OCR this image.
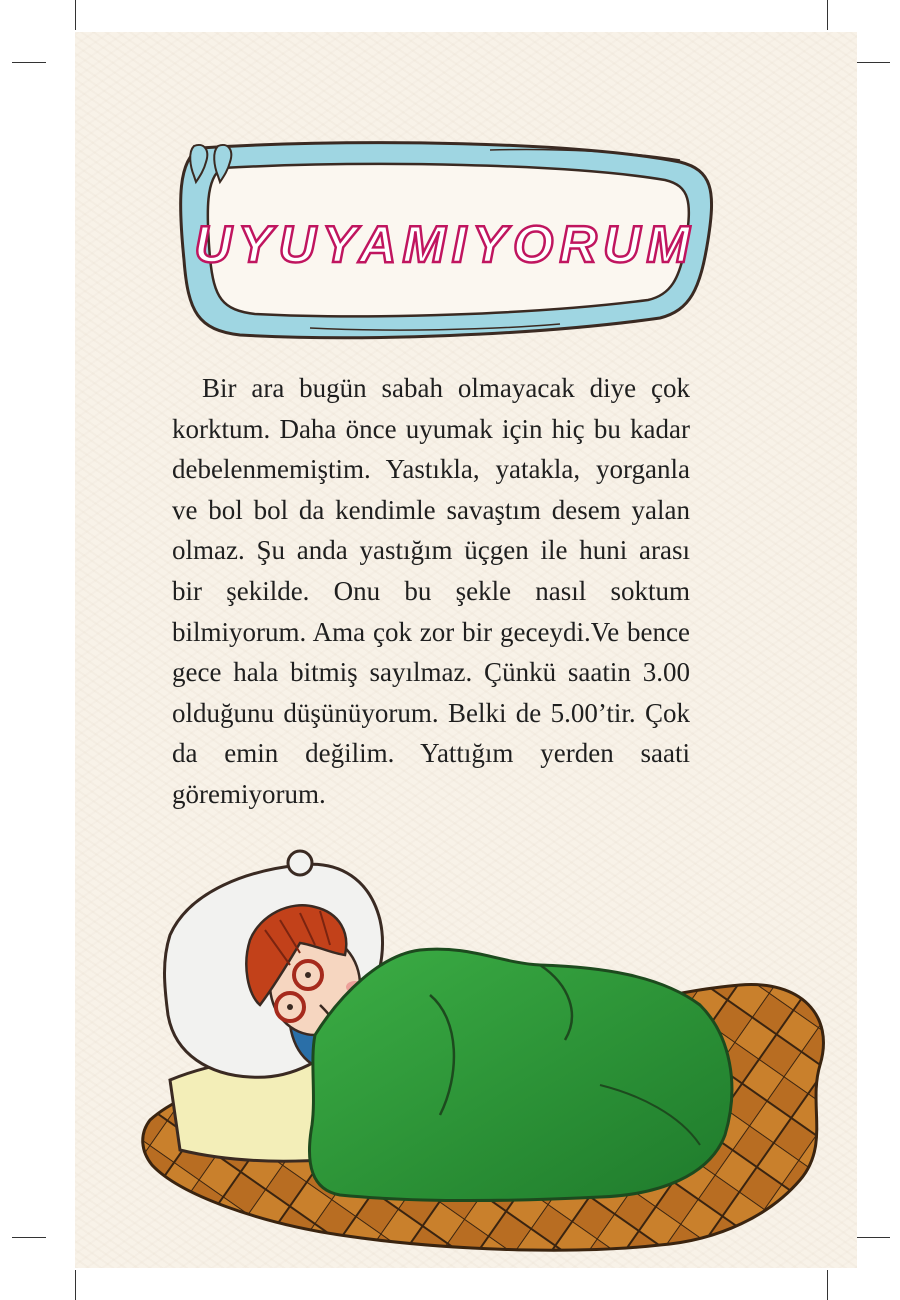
UYUYAMIYORUM

Bir ara bugün sabah olmayacak diye çok korktum. Daha önce uyumak için hiç bu kadar debelenmemiştim. Yastıkla, yatakla, yorganla ve bol bol da kendimle savaştım desem yalan olmaz. Şu anda yastığım üçgen ile huni arası bir şekilde. Onu bu şekle nasıl soktum bilmiyorum. Ama çok zor bir geceydi.Ve bence gece hala bitmiş sayılmaz. Çünkü saatin 3.00 olduğunu düşünüyorum. Belki de 5.00’tir. Çok da emin değilim. Yattığım yerden saati göremiyorum.
